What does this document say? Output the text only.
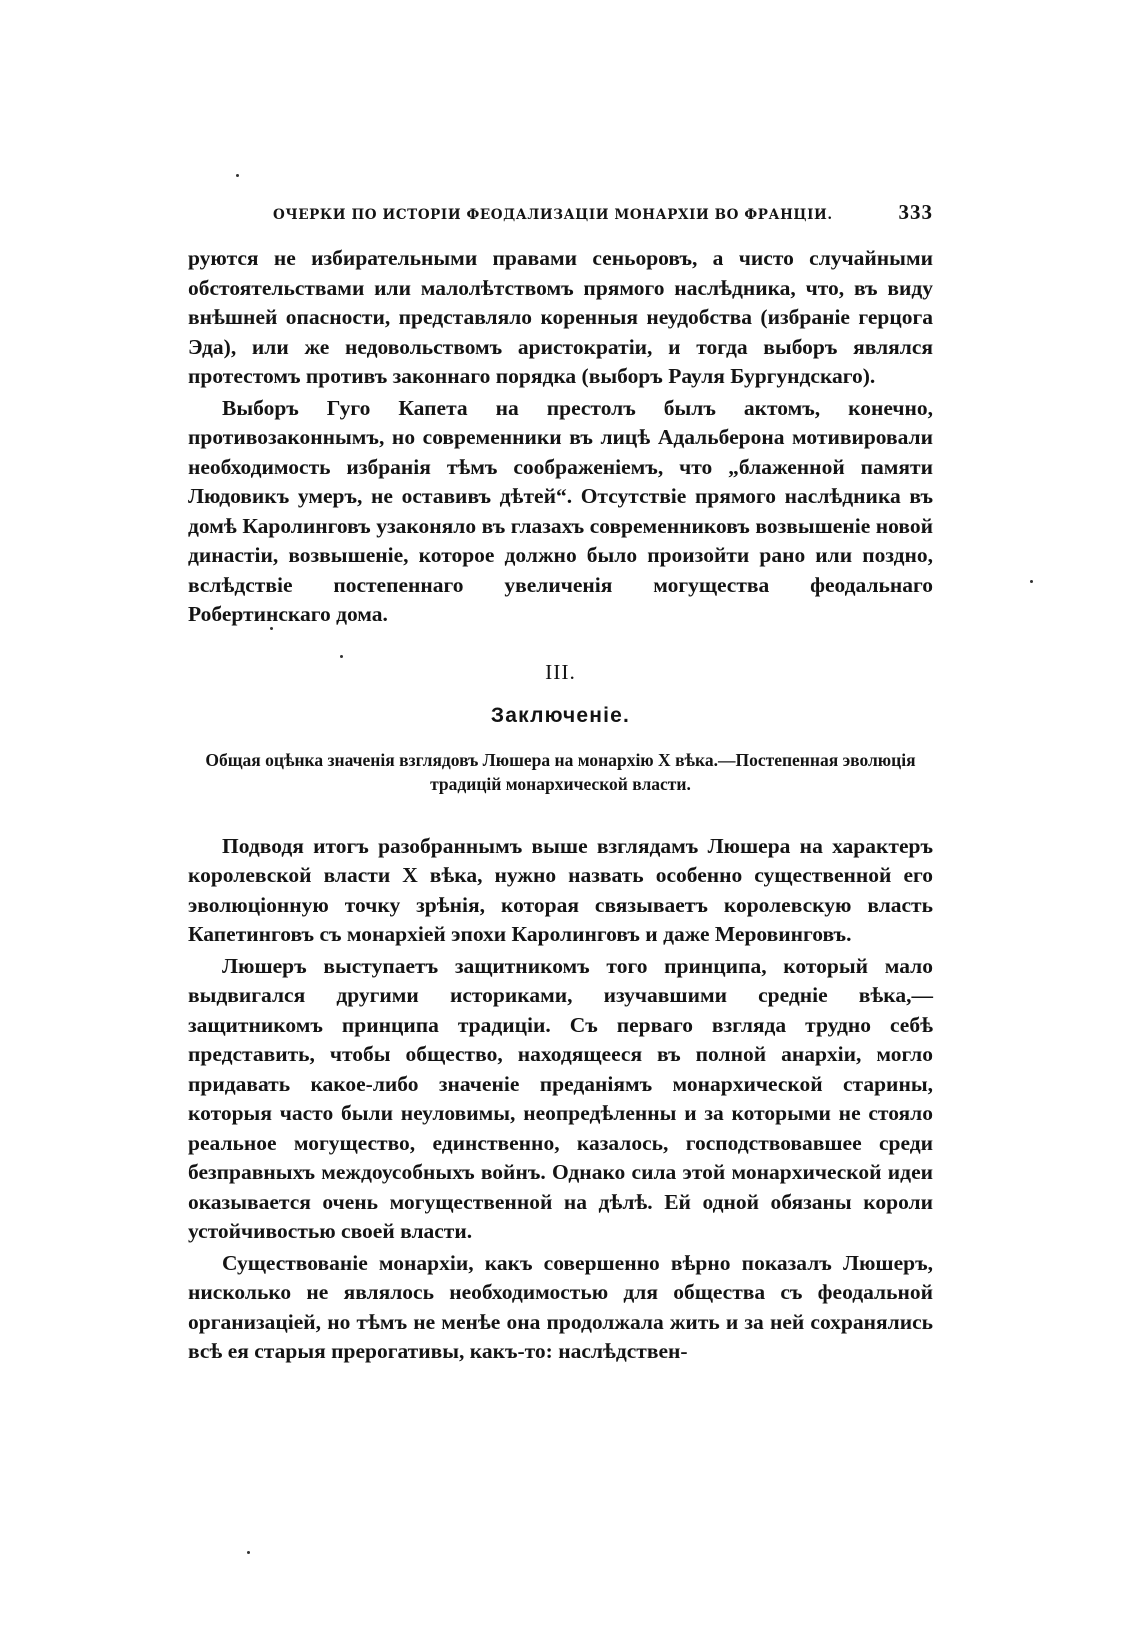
ОЧЕРКИ ПО ИСТОРІИ ФЕОДАЛИЗАЦІИ МОНАРХІИ ВО ФРАНЦІИ.	333

руются не избирательными правами сеньоровъ, а чисто случайными обстоятельствами или малолѣтствомъ прямого наслѣдника, что, въ виду внѣшней опасности, представляло коренныя неудобства (избраніе герцога Эда), или же недовольствомъ аристократіи, и тогда выборъ являлся протестомъ противъ законнаго порядка (выборъ Рауля Бургундскаго).

Выборъ Гуго Капета на престолъ былъ актомъ, конечно, противозаконнымъ, но современники въ лицѣ Адальберона мотивировали необходимость избранія тѣмъ соображеніемъ, что „блаженной памяти Людовикъ умеръ, не оставивъ дѣтей“. Отсутствіе прямого наслѣдника въ домѣ Каролинговъ узаконяло въ глазахъ современниковъ возвышеніе новой династіи, возвышеніе, которое должно было произойти рано или поздно, вслѣдствіе постепеннаго увеличенія могущества феодальнаго Робертинскаго дома.

III.
Заключеніе.
Общая оцѣнка значенія взглядовъ Люшера на монархію X вѣка.—Постепенная эволюція традицій монархической власти.

Подводя итогъ разобраннымъ выше взглядамъ Люшера на характеръ королевской власти X вѣка, нужно назвать особенно существенной его эволюціонную точку зрѣнія, которая связываетъ королевскую власть Капетинговъ съ монархіей эпохи Каролинговъ и даже Меровинговъ.

Люшеръ выступаетъ защитникомъ того принципа, который мало выдвигался другими историками, изучавшими средніе вѣка,—защитникомъ принципа традиціи. Съ перваго взгляда трудно себѣ представить, чтобы общество, находящееся въ полной анархіи, могло придавать какое-либо значеніе преданіямъ монархической старины, которыя часто были неуловимы, неопредѣленны и за которыми не стояло реальное могущество, единственно, казалось, господствовавшее среди безправныхъ междоусобныхъ войнъ. Однако сила этой монархической идеи оказывается очень могущественной на дѣлѣ. Ей одной обязаны короли устойчивостью своей власти.

Существованіе монархіи, какъ совершенно вѣрно показалъ Люшеръ, нисколько не являлось необходимостью для общества съ феодальной организаціей, но тѣмъ не менѣе она продолжала жить и за ней сохранялись всѣ ея старыя прерогативы, какъ-то: наслѣдствен-
